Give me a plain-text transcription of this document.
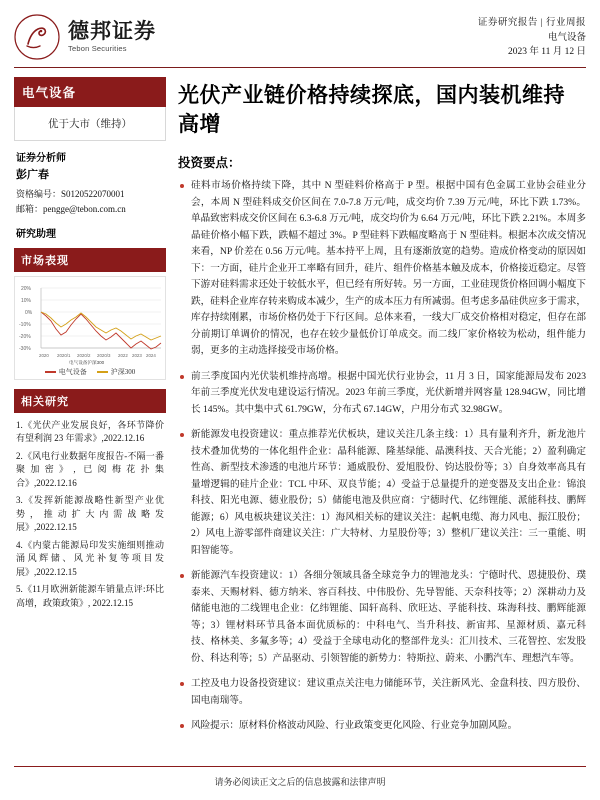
德邦证券
Tebon Securities
证券研究报告 | 行业周报
电气设备
2023 年 11 月 12 日
电气设备
优于大市（维持）
证券分析师
彭广春
资格编号：S0120522070001
邮箱：pengge@tebon.com.cn
研究助理
市场表现
20%
10%
0%
-10%
-20%
-30%
2020 2020/1 2020/2 2020/3 2022 2023 2024
电气设备沪深300
电气设备	沪深300
相关研究

1.《光伏产业发展良好，各环节降价有望利润 23 年需求》,2022.12.16

2.《风电行业数据年度报告-不隔一番聚加密》, 已阅梅花扑集合》,2022.12.16

3.《发挥新能源战略性新型产业优势，推动扩大内需战略发展》,2022.12.15

4.《内蒙古能源局印发实施细则推动涌风辉储、风光补复等项目发展》,2022.12.15

5.《11月欧洲新能源车销量点评:环比高增，政策政策》, 2022.12.15

光伏产业链价格持续探底，国内装机维持高增
投资要点：
硅料市场价格持续下降，其中 N 型硅料价格高于 P 型。根据中国有色金属工业协会硅业分会，本周 N 型硅料成交价区间在 7.0-7.8 万元/吨，成交均价 7.39 万元/吨，环比下跌 1.73%。单晶致密料成交价区间在 6.3-6.8 万元/吨，成交均价为 6.64 万元/吨，环比下跌 2.21%。本周多晶硅价格小幅下跌，跌幅不超过 3%。P 型硅料下跌幅度略高于 N 型硅料。根据本次成交情况来看，NP 价差在 0.56 万元/吨。基本持平上周，且有逐渐放宽的趋势。造成价格变动的原因如下：一方面，硅片企业开工率略有回升，硅片、组件价格基本触及成本，价格接近稳定。尽管下游对硅料需求还处于较低水平，但已经有所好转。另一方面，工业硅现货价格回调小幅度下跌，硅料企业库存转来购成本减少，生产的成本压力有所减弱。但考虑多晶硅供应多于需求，库存持续刚累，市场价格仍处于下行区间。总体来看，一线大厂成交价格相对稳定，但存在部分前期订单调价的情况，也存在较少量低价订单成交。而二线厂家价格较为松动，组件能力弱，更多的主动选择接受市场价格。
前三季度国内光伏装机维持高增。根据中国光伏行业协会，11 月 3 日，国家能源局发布 2023 年前三季度光伏发电建设运行情况。2023 年前三季度，光伏新增并网容量 128.94GW，同比增长 145%。其中集中式 61.79GW，分布式 67.14GW，户用分布式 32.98GW。
新能源发电投资建议：重点推荐光伏板块，建议关注几条主线：1）具有量利齐升，新龙池片技术叠加优势的一体化组件企业：晶科能源、隆基绿能、晶澳科技、天合光能；2）盈利确定性高、新型技术渗透的电池片环节：通威股份、爱旭股份、钧达股份等；3）自身效率高具有量增逻辑的硅片企业：TCL 中环、双良节能；4）受益于总量提升的逆变器及支出企业：锦浪科技、阳光电源、德业股份；5）储能电池及供应商：宁德时代、亿纬锂能、派能科技、鹏辉能源；6）风电板块建议关注：1）海风相关标的建议关注：起帆电缆、海力风电、振江股份；2）风电上游零部件商建议关注：广大特材、力星股份等；3）整机厂建议关注：三一重能、明阳智能等。
新能源汽车投资建议：1）各细分领域具备全球竞争力的锂池龙头：宁德时代、恩捷股份、璞泰来、天赐材料、德方纳米、容百科技、中伟股份、先导智能、天奈科技等；2）深耕动力及储能电池的二线锂电企业：亿纬锂能、国轩高科、欣旺达、孚能科技、珠海科技、鹏辉能源等；3）锂材料环节具备本面优质标的：中科电气、当升科技、新宙邦、星源材质、嘉元科技、格林美、多氟多等；4）受益于全球电动化的整部件龙头：汇川技术、三花智控、宏发股份、科达利等；5）产品驱动、引领智能的新势力：特斯拉、蔚来、小鹏汽车、理想汽车等。
工控及电力设备投资建议：建议重点关注电力储能环节，关注新风光、金盘科技、四方股份、国电南瑞等。
风险提示：原材料价格波动风险、行业政策变更化风险、行业竞争加剧风险。
请务必阅读正文之后的信息披露和法律声明
